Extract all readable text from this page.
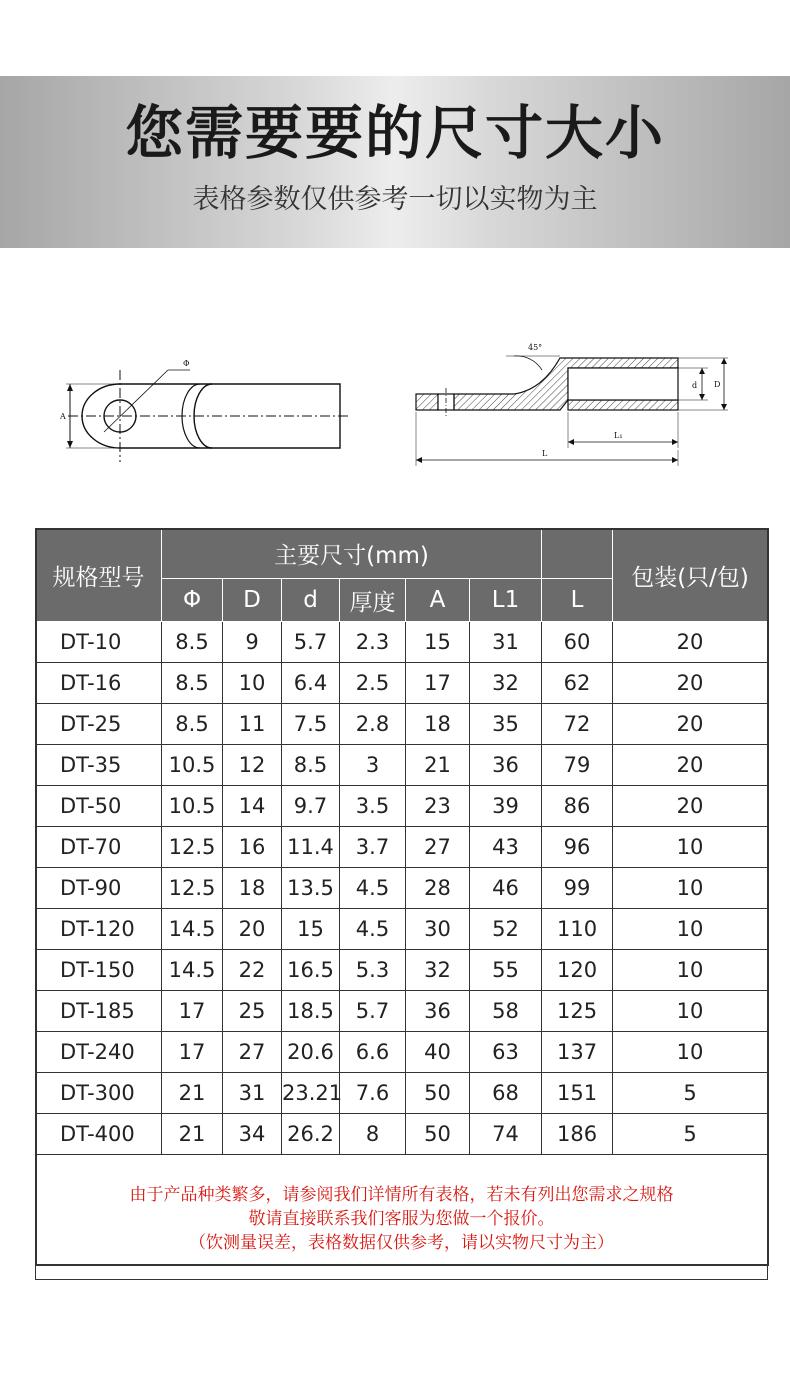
您需要要的尺寸大小
表格参数仅供参考一切以实物为主
A
Φ
45°
d D
L₁
L
规格型号	主要尺寸(mm)							包装(只/包)
	Φ	D	d	厚度	A	L1	L	
DT-10	8.5	9	5.7	2.3	15	31	60	20
DT-16	8.5	10	6.4	2.5	17	32	62	20
DT-25	8.5	11	7.5	2.8	18	35	72	20
DT-35	10.5	12	8.5	3	21	36	79	20
DT-50	10.5	14	9.7	3.5	23	39	86	20
DT-70	12.5	16	11.4	3.7	27	43	96	10
DT-90	12.5	18	13.5	4.5	28	46	99	10
DT-120	14.5	20	15	4.5	30	52	110	10
DT-150	14.5	22	16.5	5.3	32	55	120	10
DT-185	17	25	18.5	5.7	36	58	125	10
DT-240	17	27	20.6	6.6	40	63	137	10
DT-300	21	31	23.21	7.6	50	68	151	5
DT-400	21	34	26.2	8	50	74	186	5

由于产品种类繁多，请参阅我们详情所有表格，若未有列出您需求之规格
敬请直接联系我们客服为您做一个报价。
（饮测量误差，表格数据仅供参考，请以实物尺寸为主）								
